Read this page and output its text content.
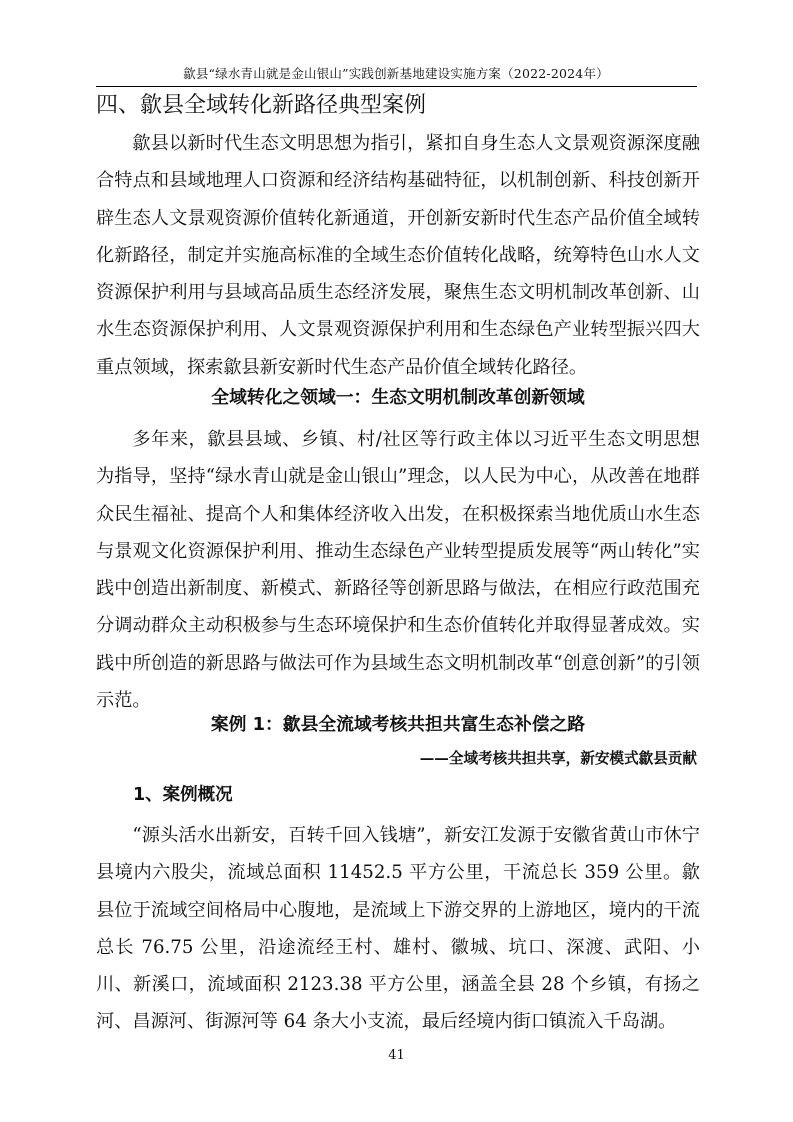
歙县“绿水青山就是金山银山”实践创新基地建设实施方案（2022-2024年）
四、歙县全域转化新路径典型案例

歙县以新时代生态文明思想为指引，紧扣自身生态人文景观资源深度融合特点和县域地理人口资源和经济结构基础特征，以机制创新、科技创新开辟生态人文景观资源价值转化新通道，开创新安新时代生态产品价值全域转化新路径，制定并实施高标准的全域生态价值转化战略，统筹特色山水人文资源保护利用与县域高品质生态经济发展，聚焦生态文明机制改革创新、山水生态资源保护利用、人文景观资源保护利用和生态绿色产业转型振兴四大重点领域，探索歙县新安新时代生态产品价值全域转化路径。

全域转化之领域一：生态文明机制改革创新领域

多年来，歙县县域、乡镇、村/社区等行政主体以习近平生态文明思想为指导，坚持“绿水青山就是金山银山”理念，以人民为中心，从改善在地群众民生福祉、提高个人和集体经济收入出发，在积极探索当地优质山水生态与景观文化资源保护利用、推动生态绿色产业转型提质发展等“两山转化”实践中创造出新制度、新模式、新路径等创新思路与做法，在相应行政范围充分调动群众主动积极参与生态环境保护和生态价值转化并取得显著成效。实践中所创造的新思路与做法可作为县域生态文明机制改革“创意创新”的引领示范。

案例 1：歙县全流域考核共担共富生态补偿之路
——全域考核共担共享，新安模式歙县贡献
1、案例概况

“源头活水出新安，百转千回入钱塘”，新安江发源于安徽省黄山市休宁县境内六股尖，流域总面积 11452.5 平方公里，干流总长 359 公里。歙县位于流域空间格局中心腹地，是流域上下游交界的上游地区，境内的干流总长 76.75 公里，沿途流经王村、雄村、徽城、坑口、深渡、武阳、小川、新溪口，流域面积 2123.38 平方公里，涵盖全县 28 个乡镇，有扬之河、昌源河、街源河等 64 条大小支流，最后经境内街口镇流入千岛湖。

41
